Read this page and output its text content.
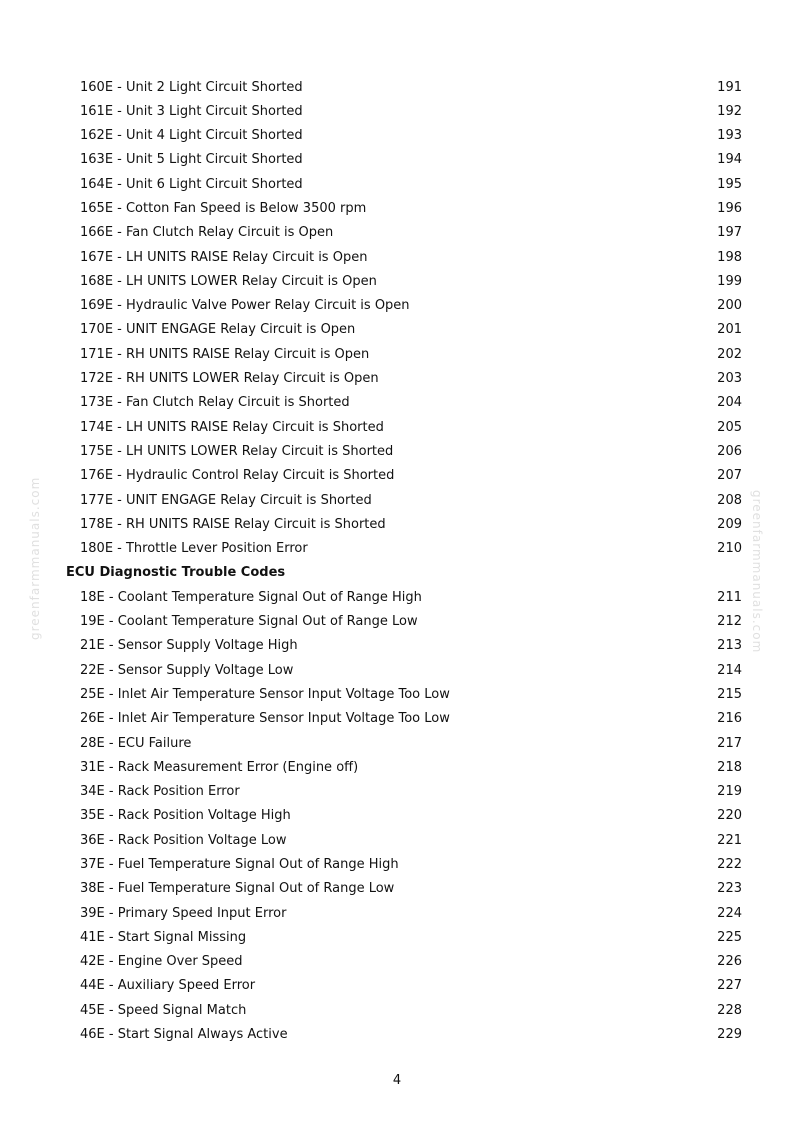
160E - Unit 2 Light Circuit Shorted	191
161E - Unit 3 Light Circuit Shorted	192
162E - Unit 4 Light Circuit Shorted	193
163E - Unit 5 Light Circuit Shorted	194
164E - Unit 6 Light Circuit Shorted	195
165E - Cotton Fan Speed is Below 3500 rpm	196
166E - Fan Clutch Relay Circuit is Open	197
167E - LH UNITS RAISE Relay Circuit is Open	198
168E - LH UNITS LOWER Relay Circuit is Open	199
169E - Hydraulic Valve Power Relay Circuit is Open	200
170E - UNIT ENGAGE Relay Circuit is Open	201
171E - RH UNITS RAISE Relay Circuit is Open	202
172E - RH UNITS LOWER Relay Circuit is Open	203
173E - Fan Clutch Relay Circuit is Shorted	204
174E - LH UNITS RAISE Relay Circuit is Shorted	205
175E - LH UNITS LOWER Relay Circuit is Shorted	206
176E - Hydraulic Control Relay Circuit is Shorted	207
177E - UNIT ENGAGE Relay Circuit is Shorted	208
178E - RH UNITS RAISE Relay Circuit is Shorted	209
180E - Throttle Lever Position Error	210
ECU Diagnostic Trouble Codes
18E - Coolant Temperature Signal Out of Range High	211
19E - Coolant Temperature Signal Out of Range Low	212
21E - Sensor Supply Voltage High	213
22E - Sensor Supply Voltage Low	214
25E - Inlet Air Temperature Sensor Input Voltage Too Low	215
26E - Inlet Air Temperature Sensor Input Voltage Too Low	216
28E - ECU Failure	217
31E - Rack Measurement Error (Engine off)	218
34E - Rack Position Error	219
35E - Rack Position Voltage High	220
36E - Rack Position Voltage Low	221
37E - Fuel Temperature Signal Out of Range High	222
38E - Fuel Temperature Signal Out of Range Low	223
39E - Primary Speed Input Error	224
41E - Start Signal Missing	225
42E - Engine Over Speed	226
44E - Auxiliary Speed Error	227
45E - Speed Signal Match	228
46E - Start Signal Always Active	229
4
greenfarmmanuals.com	greenfarmmanuals.com
